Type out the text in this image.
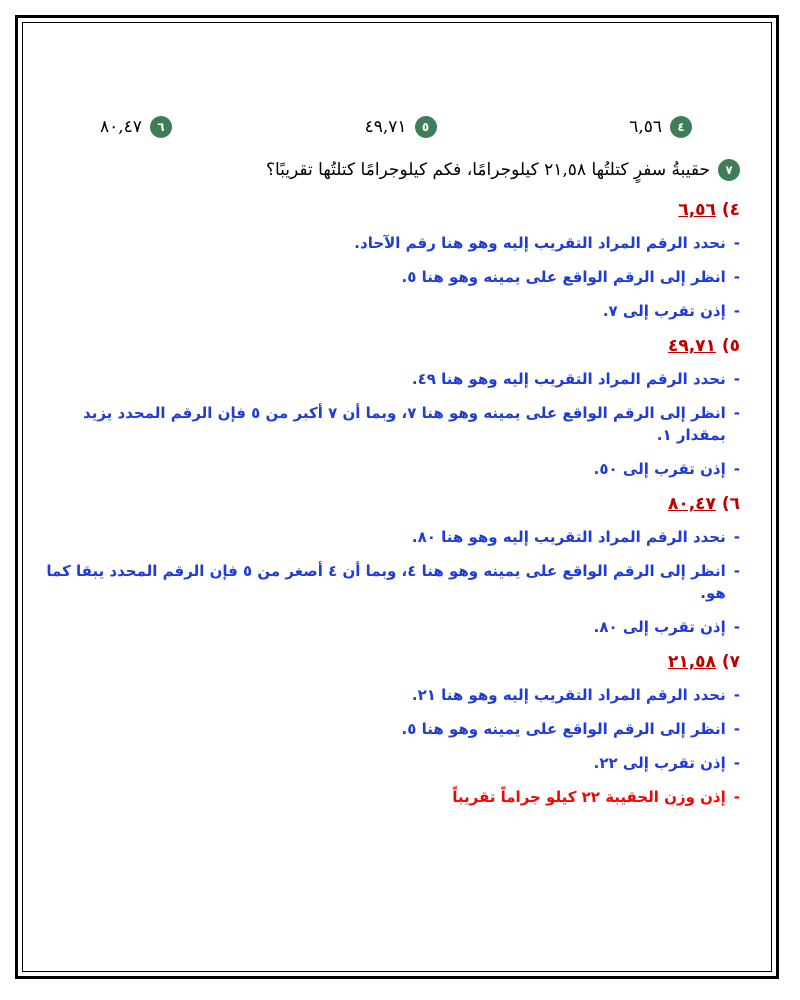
٤
٦,٥٦
٥
٤٩,٧١
٦
٨٠,٤٧
٧
حقيبةُ سفرٍ كتلتُها ٢١,٥٨ كيلوجرامًا، فكم كيلوجرامًا كتلتُها تقريبًا؟
٤) ٦,٥٦
-
نحدد الرقم المراد التقريب إليه وهو هنا رقم الآحاد.
-
انظر إلى الرقم الواقع على يمينه وهو هنا ٥.
-
إذن تقرب إلى ٧.
٥) ٤٩,٧١
-
نحدد الرقم المراد التقريب إليه وهو هنا ٤٩.
-
انظر إلى الرقم الواقع على يمينه وهو هنا ٧، وبما أن ٧ أكبر من ٥ فإن الرقم المحدد يزيد بمقدار ١.
-
إذن تقرب إلى ٥٠.
٦) ٨٠,٤٧
-
نحدد الرقم المراد التقريب إليه وهو هنا ٨٠.
-
انظر إلى الرقم الواقع على يمينه وهو هنا ٤، وبما أن ٤ أصغر من ٥ فإن الرقم المحدد يبقا كما هو.
-
إذن تقرب إلى ٨٠.
٧) ٢١,٥٨
-
نحدد الرقم المراد التقريب إليه وهو هنا ٢١.
-
انظر إلى الرقم الواقع على يمينه وهو هنا ٥.
-
إذن تقرب إلى ٢٢.
-
إذن وزن الحقيبة ٢٢ كيلو جراماً تقريباً
